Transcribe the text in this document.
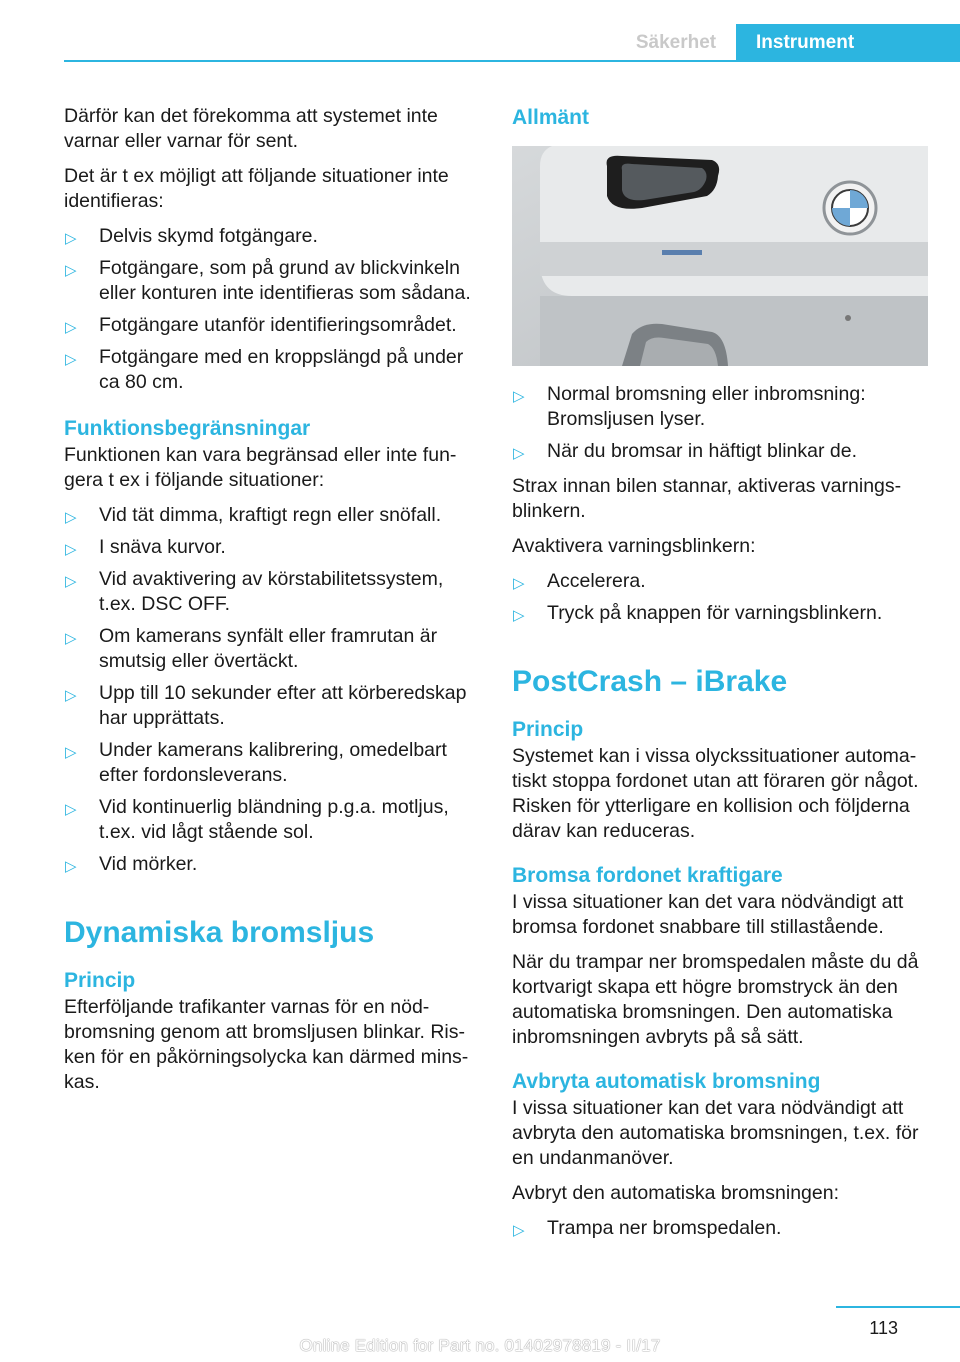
Säkerhet	Instrument

Därför kan det förekomma att systemet inte varnar eller varnar för sent.

Det är t ex möjligt att följande situationer inte identifieras:

▷ Delvis skymd fotgängare.
▷ Fotgängare, som på grund av blickvinkeln eller konturen inte identifieras som sådana.
▷ Fotgängare utanför identifieringsområdet.
▷ Fotgängare med en kroppslängd på under ca 80 cm.
Funktionsbegränsningar

Funktionen kan vara begränsad eller inte fungera t ex i följande situationer:

▷ Vid tät dimma, kraftigt regn eller snöfall.
▷ I snäva kurvor.
▷ Vid avaktivering av körstabilitetssystem, t.ex. DSC OFF.
▷ Om kamerans synfält eller framrutan är smutsig eller övertäckt.
▷ Upp till 10 sekunder efter att körberedskap har upprättats.
▷ Under kamerans kalibrering, omedelbart efter fordonsleverans.
▷ Vid kontinuerlig bländning p.g.a. motljus, t.ex. vid lågt stående sol.
▷ Vid mörker.
Dynamiska bromsljus
Princip

Efterföljande trafikanter varnas för en nödbromsning genom att bromsljusen blinkar. Risken för en påkörningsolycka kan därmed minskas.

Allmänt
▷ Normal bromsning eller inbromsning: Bromsljusen lyser.
▷ När du bromsar in häftigt blinkar de.

Strax innan bilen stannar, aktiveras varningsblinkern.

Avaktivera varningsblinkern:

▷ Accelerera.
▷ Tryck på knappen för varningsblinkern.
PostCrash – iBrake
Princip

Systemet kan i vissa olyckssituationer automatiskt stoppa fordonet utan att föraren gör något. Risken för ytterligare en kollision och följderna därav kan reduceras.

Bromsa fordonet kraftigare

I vissa situationer kan det vara nödvändigt att bromsa fordonet snabbare till stillastående.

När du trampar ner bromspedalen måste du då kortvarigt skapa ett högre bromstryck än den automatiska bromsningen. Den automatiska inbromsningen avbryts på så sätt.

Avbryta automatisk bromsning

I vissa situationer kan det vara nödvändigt att avbryta den automatiska bromsningen, t.ex. för en undanmanöver.

Avbryt den automatiska bromsningen:

▷ Trampa ner bromspedalen.
113
Online Edition for Part no. 01402978819 - II/17
